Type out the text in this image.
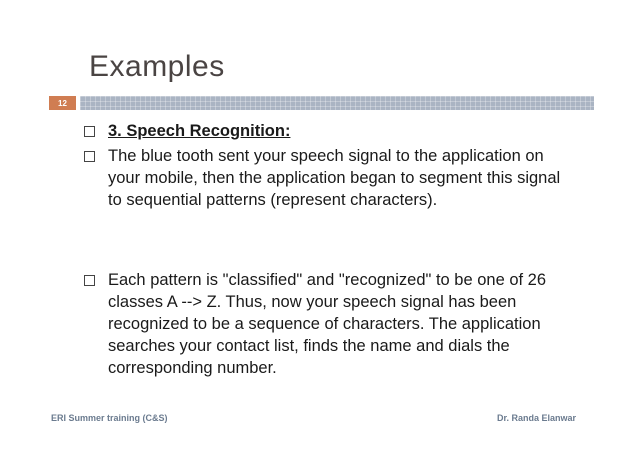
Examples
12
3. Speech Recognition:
The blue tooth sent your speech signal to the application on your mobile, then the application began to segment this signal to sequential patterns (represent characters).
Each pattern is "classified" and "recognized" to be one of 26 classes A --> Z. Thus, now your speech signal has been recognized to be a sequence of characters. The application searches your contact list, finds the name and dials the corresponding number.
ERI Summer training (C&S)	Dr. Randa Elanwar
